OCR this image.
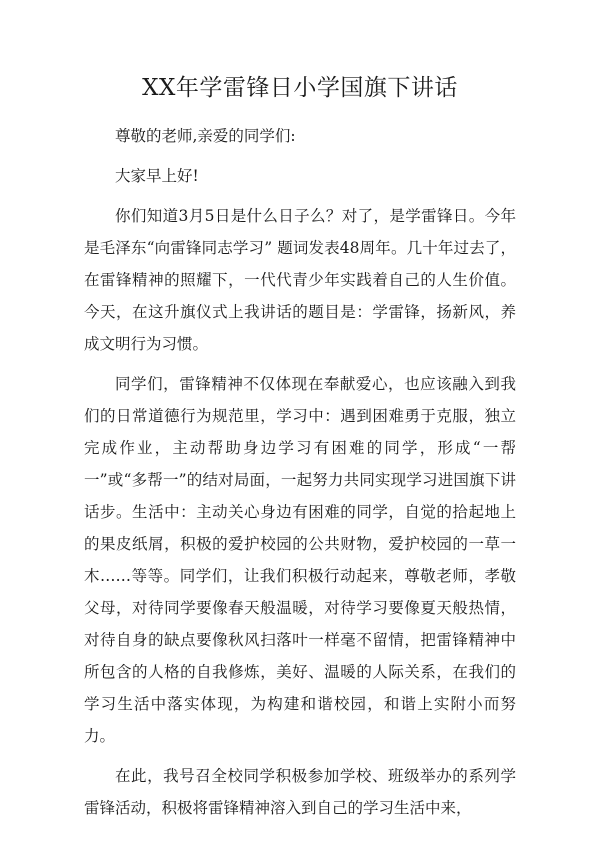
XX年学雷锋日小学国旗下讲话

尊敬的老师,亲爱的同学们:

大家早上好!

你们知道3月5日是什么日子么？对了，是学雷锋日。今年是毛泽东“向雷锋同志学习” 题词发表48周年。几十年过去了，在雷锋精神的照耀下，一代代青少年实践着自己的人生价值。今天，在这升旗仪式上我讲话的题目是：学雷锋，扬新风，养成文明行为习惯。

同学们，雷锋精神不仅体现在奉献爱心，也应该融入到我们的日常道德行为规范里，学习中：遇到困难勇于克服，独立完成作业，主动帮助身边学习有困难的同学，形成“一帮一”或“多帮一”的结对局面，一起努力共同实现学习进国旗下讲话步。生活中：主动关心身边有困难的同学，自觉的拾起地上的果皮纸屑，积极的爱护校园的公共财物，爱护校园的一草一木……等等。同学们，让我们积极行动起来，尊敬老师，孝敬父母，对待同学要像春天般温暖，对待学习要像夏天般热情，对待自身的缺点要像秋风扫落叶一样毫不留情，把雷锋精神中所包含的人格的自我修炼，美好、温暖的人际关系，在我们的学习生活中落实体现，为构建和谐校园，和谐上实附小而努力。

在此，我号召全校同学积极参加学校、班级举办的系列学雷锋活动，积极将雷锋精神溶入到自己的学习生活中来，
